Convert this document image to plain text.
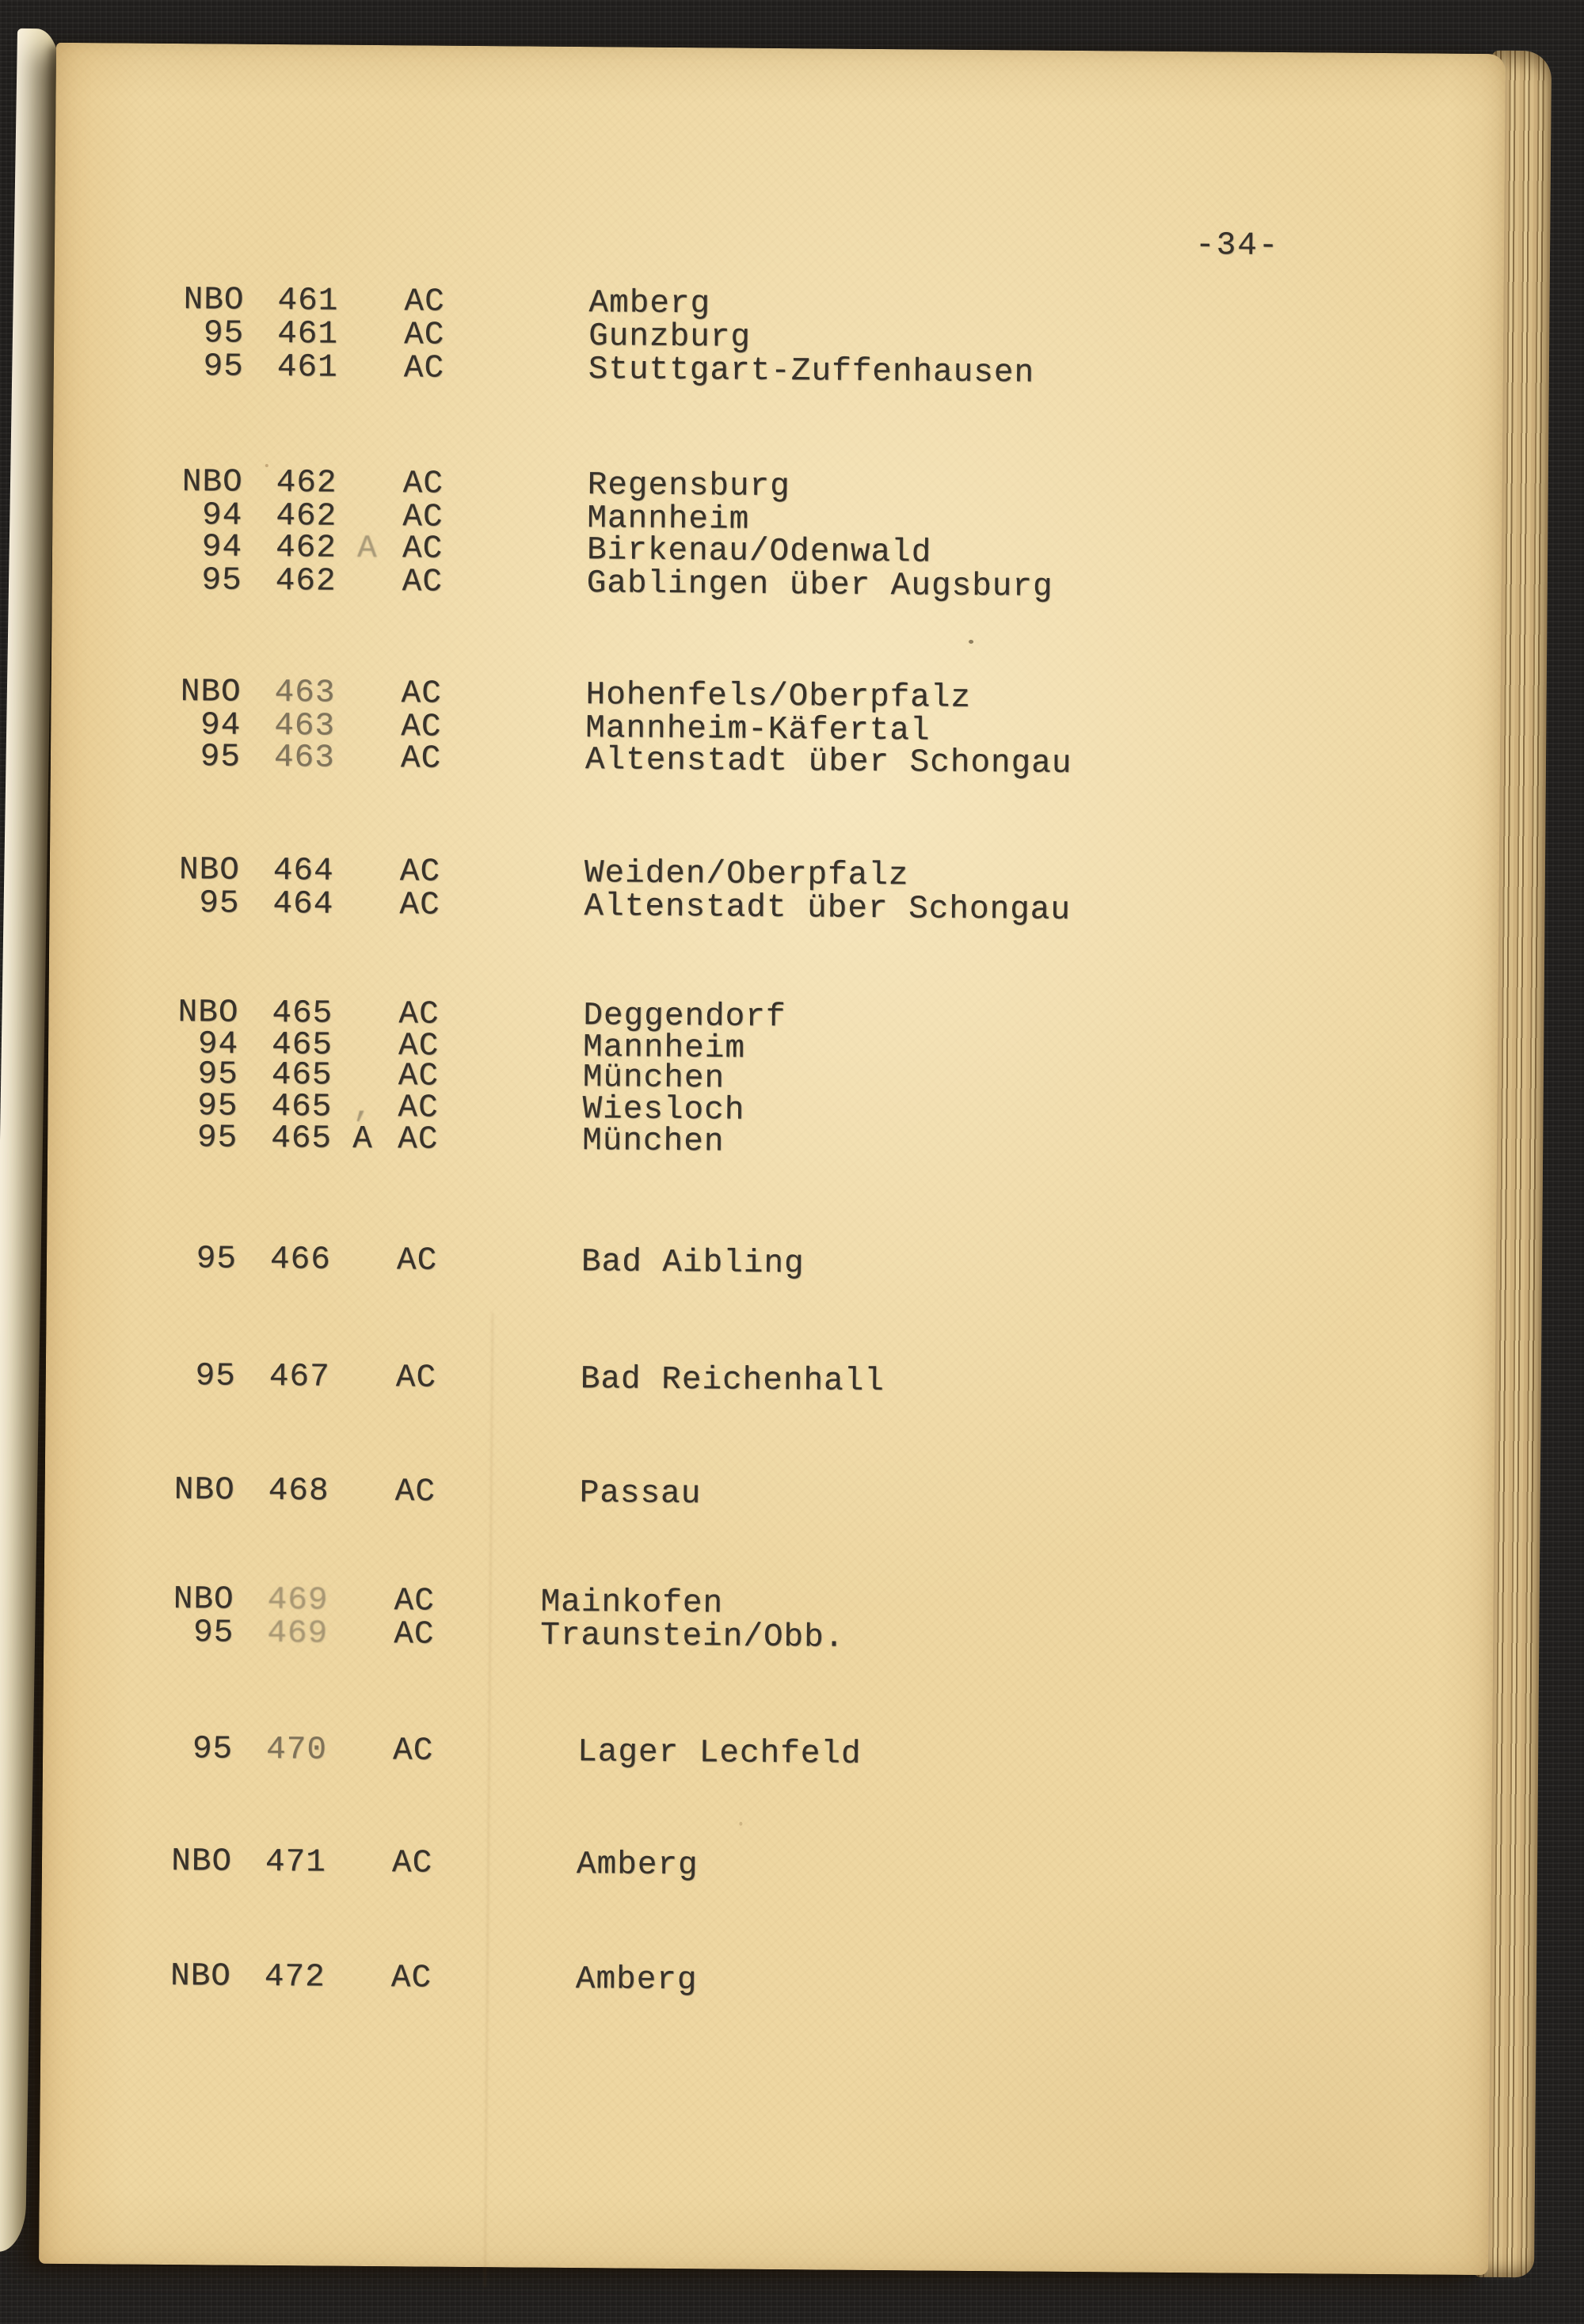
-34-
NBO 461 AC	Amberg
95 461 AC	Gunzburg
95 461 AC	Stuttgart-Zuffenhausen
NBO 462 AC	Regensburg
94 462 AC	Mannheim
94 462 A AC	Birkenau/Odenwald
95 462 AC	Gablingen über Augsburg
NBO 463 AC	Hohenfels/Oberpfalz
94 463 AC	Mannheim-Käfertal
95 463 AC	Altenstadt über Schongau
NBO 464 AC	Weiden/Oberpfalz
95 464 AC	Altenstadt über Schongau
NBO 465 AC	Deggendorf
94 465 AC	Mannheim
95 465 AC	München
95 465 , AC	Wiesloch
95 465 A AC	München
95 466 AC	Bad Aibling
95 467 AC	Bad Reichenhall
NBO 468 AC	Passau
NBO 469 AC	Mainkofen
95 469 AC	Traunstein/Obb.
95 470 AC	Lager Lechfeld
NBO 471 AC	Amberg
NBO 472 AC	Amberg
